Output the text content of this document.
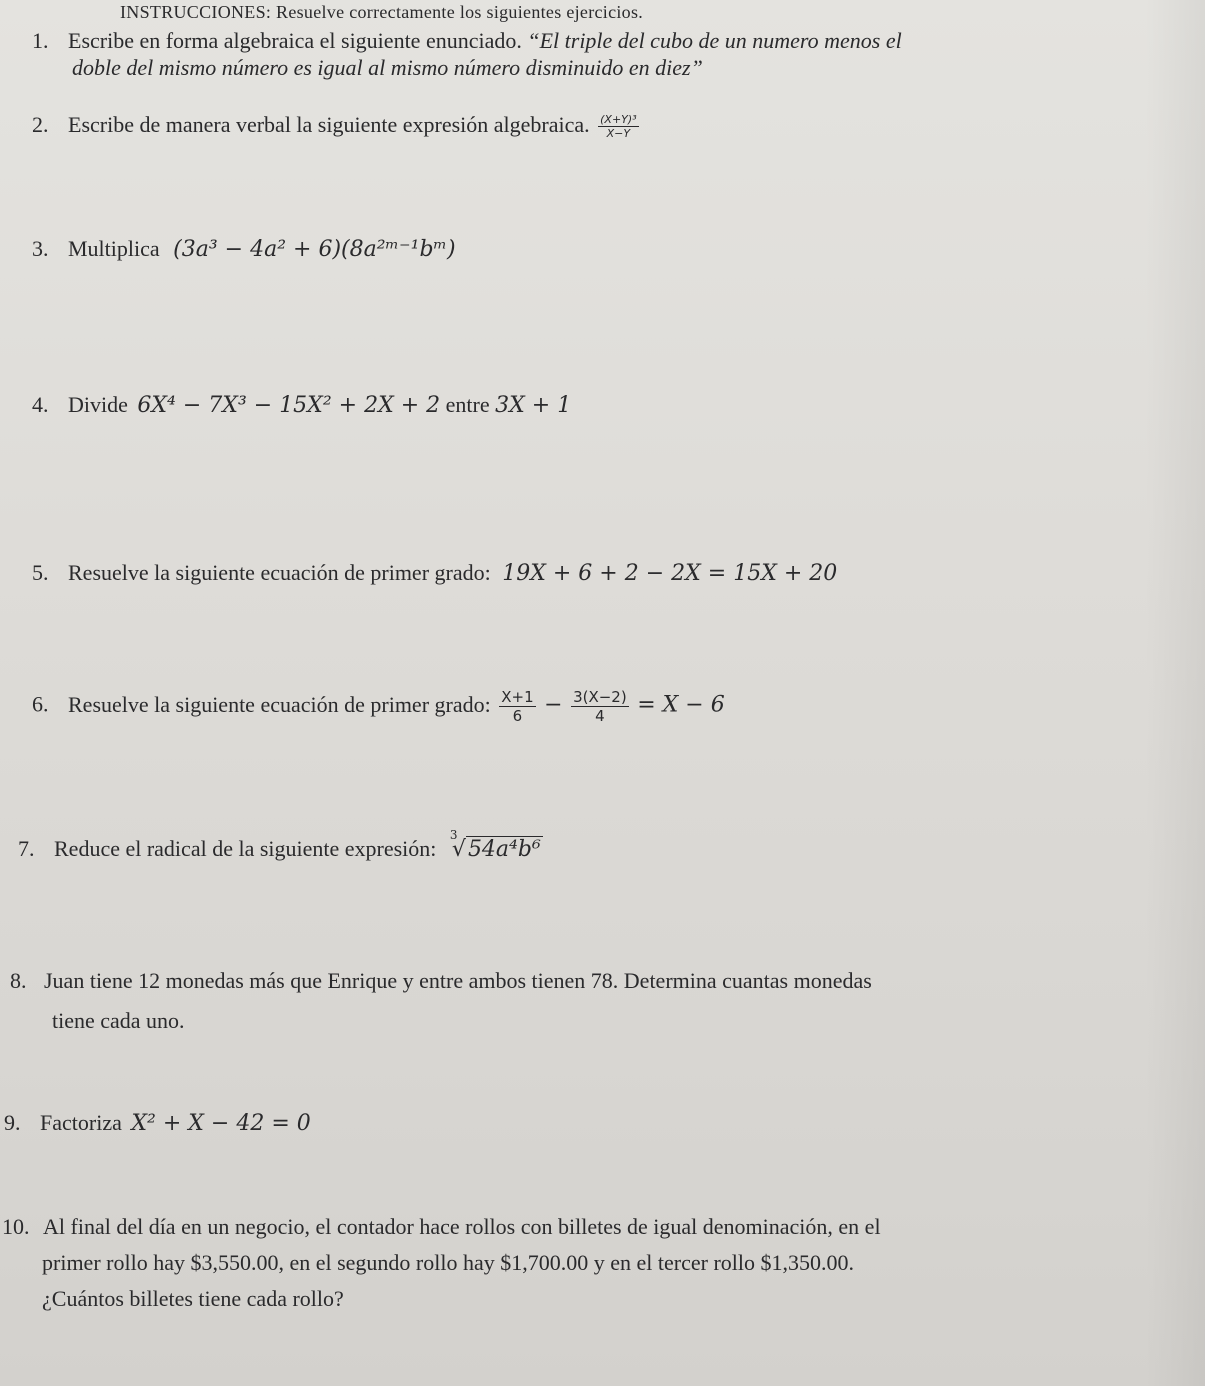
INSTRUCCIONES: Resuelve correctamente los siguientes ejercicios.
1. Escribe en forma algebraica el siguiente enunciado. “El triple del cubo de un numero menos el
doble del mismo número es igual al mismo número disminuido en diez”
2. Escribe de manera verbal la siguiente expresión algebraica. $\frac{\text{(X+Y)³}}{X-Y}$
3. Multiplica (3a³ − 4a² + 6)(8a²ᵐ⁻¹bᵐ)
4. Divide 6X⁴ − 7X³ − 15X² + 2X + 2 entre 3X + 1
5. Resuelve la siguiente ecuación de primer grado: 19X + 6 + 2 − 2X = 15X + 20
6. Resuelve la siguiente ecuación de primer grado: $\frac{X+1}{6} - \frac{3(X-2)}{4} = X - 6$
7. Reduce el radical de la siguiente expresión:
3
√54a⁴b⁶
8. Juan tiene 12 monedas más que Enrique y entre ambos tienen 78. Determina cuantas monedas
tiene cada uno.
9. Factoriza X² + X − 42 = 0
10. Al final del día en un negocio, el contador hace rollos con billetes de igual denominación, en el
primer rollo hay $3,550.00, en el segundo rollo hay $1,700.00 y en el tercer rollo $1,350.00.
¿Cuántos billetes tiene cada rollo?
